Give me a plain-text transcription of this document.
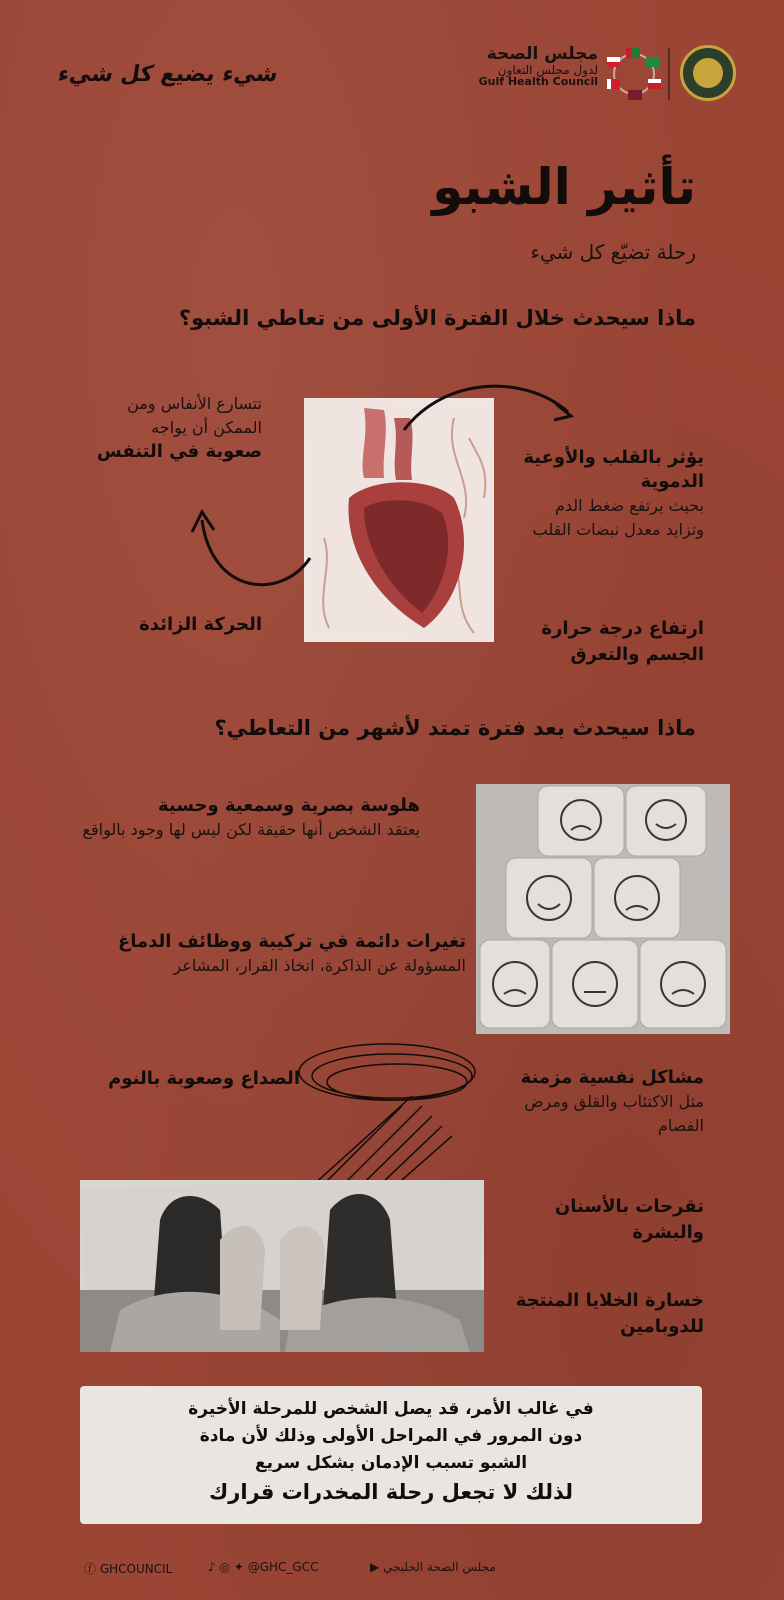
شيء يضيع كل شيء
مجلس الصحة
لدول مجلس التعاون
Gulf Health Council
تأثير الشبو
رحلة تضيّع كل شيء
ماذا سيحدث خلال الفترة الأولى من تعاطي الشبو؟
تتسارع الأنفاس ومن الممكن أن يواجه
صعوبة في التنفس
الحركة الزائدة
يؤثر بالقلب والأوعية الدموية
بحيث يرتفع ضغط الدم وتزايد معدل نبضات القلب
ارتفاع درجة حرارة الجسم والتعرق
ماذا سيحدث بعد فترة تمتد لأشهر من التعاطي؟
هلوسة بصرية وسمعية وحسية
يعتقد الشخص أنها حقيقة لكن ليس لها وجود بالواقع
تغيرات دائمة في تركيبة ووظائف الدماغ
المسؤولة عن الذاكرة، اتخاذ القرار، المشاعر
الصداع وصعوبة بالنوم	مشاكل نفسية مزمنة
مثل الاكتئاب والقلق ومرض الفصام
تقرحات بالأسنان والبشرة
خسارة الخلايا المنتجة للدوبامين

في غالب الأمر، قد يصل الشخص للمرحلة الأخيرة

دون المرور في المراحل الأولى وذلك لأن مادة

الشبو تسبب الإدمان بشكل سريع

لذلك لا تجعل رحلة المخدرات قرارك

ⓕ GHCOUNCIL	♪ ◎ ✦ @GHC_GCC	▶ مجلس الصحة الخليجي
